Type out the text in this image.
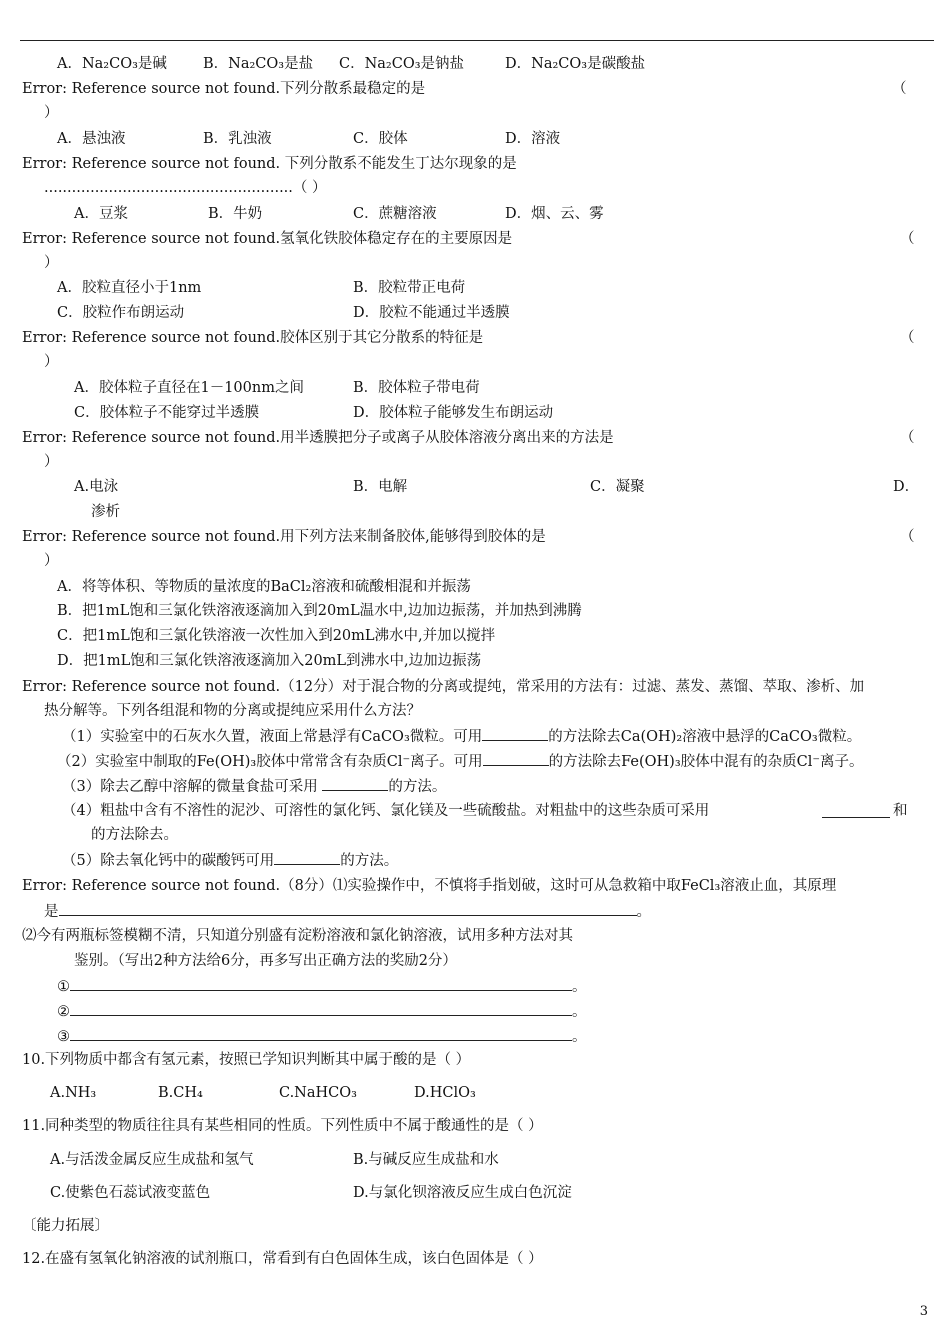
A．Na₂CO₃是碱 B．Na₂CO₃是盐 C．Na₂CO₃是钠盐	D．Na₂CO₃是碳酸盐
Error: Reference source not found.下列分散系最稳定的是	（
）
A．悬浊液	B．乳浊液	C．胶体	D．溶液
Error: Reference source not found. 下列分散系不能发生丁达尔现象的是
......................................................（ ）
A．豆浆	B．牛奶	C．蔗糖溶液	D．烟、云、雾
Error: Reference source not found.氢氧化铁胶体稳定存在的主要原因是	（
）
A．胶粒直径小于1nm	B．胶粒带正电荷
C．胶粒作布朗运动	D．胶粒不能通过半透膜
Error: Reference source not found.胶体区别于其它分散系的特征是	（
）
A．胶体粒子直径在1－100nm之间	B．胶体粒子带电荷
C．胶体粒子不能穿过半透膜	D．胶体粒子能够发生布朗运动
Error: Reference source not found.用半透膜把分子或离子从胶体溶液分离出来的方法是	（
）
A.电泳	B．电解	C．凝聚	D．
渗析
Error: Reference source not found.用下列方法来制备胶体,能够得到胶体的是	（
）
A．将等体积、等物质的量浓度的BaCl₂溶液和硫酸相混和并振荡
B．把1mL饱和三氯化铁溶液逐滴加入到20mL温水中,边加边振荡，并加热到沸腾
C．把1mL饱和三氯化铁溶液一次性加入到20mL沸水中,并加以搅拌
D．把1mL饱和三氯化铁溶液逐滴加入20mL到沸水中,边加边振荡
Error: Reference source not found.（12分）对于混合物的分离或提纯，常采用的方法有：过滤、蒸发、蒸馏、萃取、渗析、加
热分解等。下列各组混和物的分离或提纯应采用什么方法？
（1）实验室中的石灰水久置，液面上常悬浮有CaCO₃微粒。可用	的方法除去Ca(OH)₂溶液中悬浮的CaCO₃微粒。
（2）实验室中制取的Fe(OH)₃胶体中常常含有杂质Cl⁻离子。可用	的方法除去Fe(OH)₃胶体中混有的杂质Cl⁻离子。
（3）除去乙醇中溶解的微量食盐可采用	的方法。
（4）粗盐中含有不溶性的泥沙、可溶性的氯化钙、氯化镁及一些硫酸盐。对粗盐中的这些杂质可采用	和
的方法除去。
（5）除去氧化钙中的碳酸钙可用	的方法。
Error: Reference source not found.（8分）⑴实验操作中，不慎将手指划破，这时可从急救箱中取FeCl₃溶液止血，其原理
是	。
⑵今有两瓶标签模糊不清，只知道分别盛有淀粉溶液和氯化钠溶液，试用多种方法对其
鉴别。（写出2种方法给6分，再多写出正确方法的奖励2分）
①	。
②	。
③	。
10.下列物质中都含有氢元素，按照已学知识判断其中属于酸的是（ ）
A.NH₃	B.CH₄	C.NaHCO₃	D.HClO₃
11.同种类型的物质往往具有某些相同的性质。下列性质中不属于酸通性的是（ ）
A.与活泼金属反应生成盐和氢气	B.与碱反应生成盐和水
C.使紫色石蕊试液变蓝色	D.与氯化钡溶液反应生成白色沉淀
〔能力拓展〕
12.在盛有氢氧化钠溶液的试剂瓶口，常看到有白色固体生成，该白色固体是（ ）
3
